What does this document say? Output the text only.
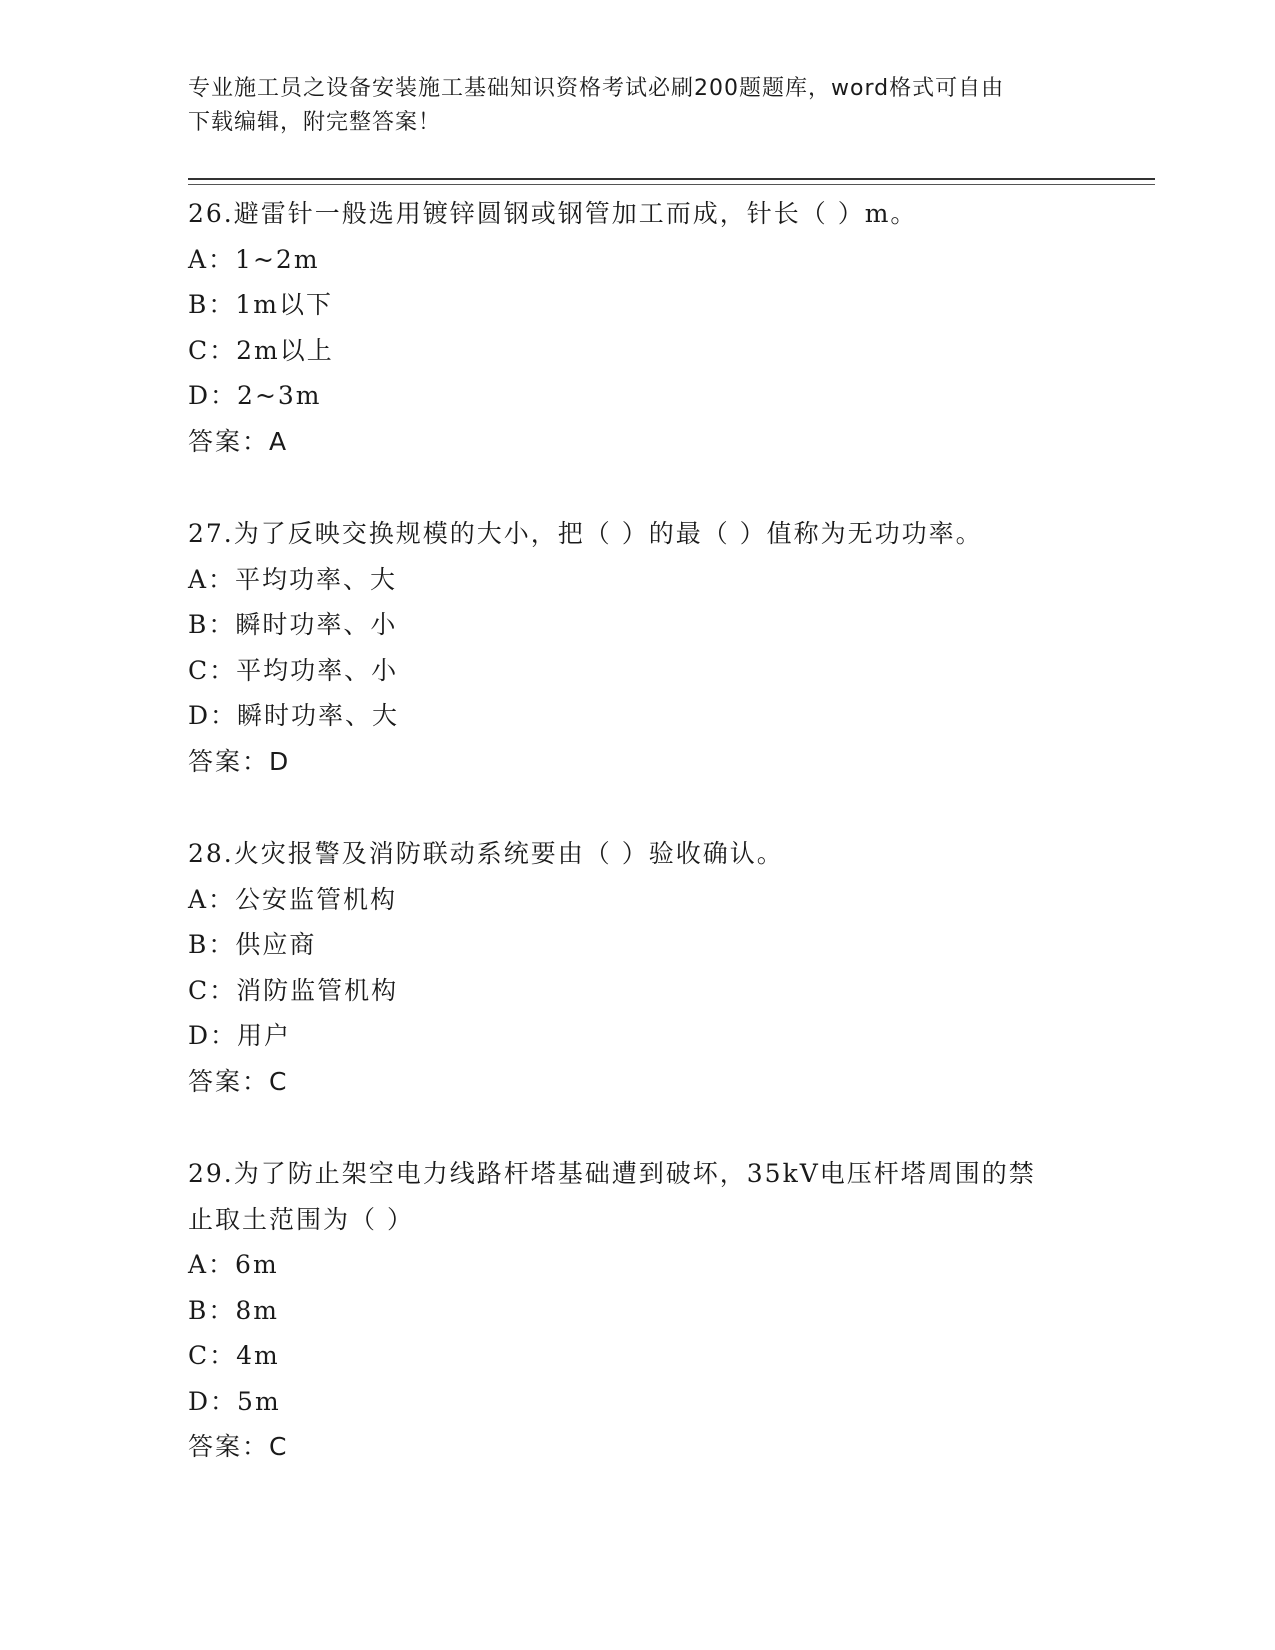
专业施工员之设备安装施工基础知识资格考试必刷200题题库，word格式可自由
下载编辑，附完整答案！
26.避雷针一般选用镀锌圆钢或钢管加工而成，针长（ ）m。
A：1~2m
B：1m以下
C：2m以上
D：2~3m
答案：A
27.为了反映交换规模的大小，把（ ）的最（ ）值称为无功功率。
A：平均功率、大
B：瞬时功率、小
C：平均功率、小
D：瞬时功率、大
答案：D
28.火灾报警及消防联动系统要由（ ）验收确认。
A：公安监管机构
B：供应商
C：消防监管机构
D：用户
答案：C
29.为了防止架空电力线路杆塔基础遭到破坏，35kV电压杆塔周围的禁
止取土范围为（ ）
A：6m
B：8m
C：4m
D：5m
答案：C
